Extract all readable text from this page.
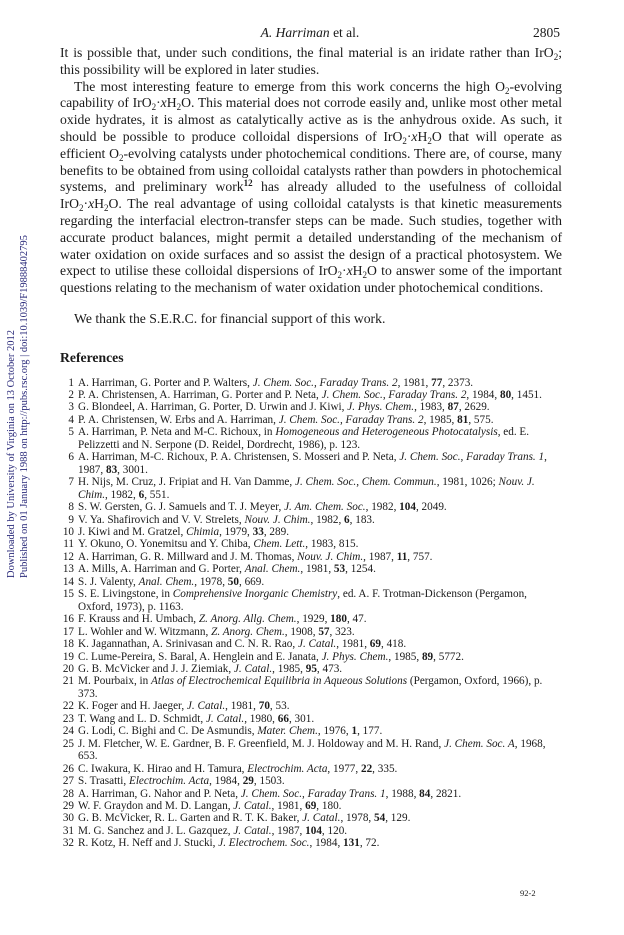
A. Harriman et al.	2805
Downloaded by University of Virginia on 13 October 2012 Published on 01 January 1988 on http://pubs.rsc.org | doi:10.1039/F19888402795

It is possible that, under such conditions, the final material is an iridate rather than IrO$_2$; this possibility will be explored in later studies.

The most interesting feature to emerge from this work concerns the high $O_2$-evolving capability of $IrO_2\cdot xH_2O$. This material does not corrode easily and, unlike most other metal oxide hydrates, it is almost as catalytically active as is the anhydrous oxide. As such, it should be possible to produce colloidal dispersions of $IrO_2\cdot xH_2O$ that will operate as efficient $O_2$-evolving catalysts under photochemical conditions. There are, of course, many benefits to be obtained from using colloidal catalysts rather than powders in photochemical systems, and preliminary work$^{12}$ has already alluded to the usefulness of colloidal $IrO_2\cdot xH_2O$. The real advantage of using colloidal catalysts is that kinetic measurements regarding the interfacial electron-transfer steps can be made. Such studies, together with accurate product balances, might permit a detailed understanding of the mechanism of water oxidation on oxide surfaces and so assist the design of a practical photosystem. We expect to utilise these colloidal dispersions of $IrO_2\cdot xH_2O$ to answer some of the important questions relating to the mechanism of water oxidation under photochemical conditions.

We thank the S.E.R.C. for financial support of this work.

References
1 A. Harriman, G. Porter and P. Walters, J. Chem. Soc., Faraday Trans. 2, 1981, 77, 2373.
2 P. A. Christensen, A. Harriman, G. Porter and P. Neta, J. Chem. Soc., Faraday Trans. 2, 1984, 80, 1451.
3 G. Blondeel, A. Harriman, G. Porter, D. Urwin and J. Kiwi, J. Phys. Chem., 1983, 87, 2629.
4 P. A. Christensen, W. Erbs and A. Harriman, J. Chem. Soc., Faraday Trans. 2, 1985, 81, 575.
5 A. Harriman, P. Neta and M-C. Richoux, in Homogeneous and Heterogeneous Photocatalysis, ed. E. Pelizzetti and N. Serpone (D. Reidel, Dordrecht, 1986), p. 123.
6 A. Harriman, M-C. Richoux, P. A. Christensen, S. Mosseri and P. Neta, J. Chem. Soc., Faraday Trans. 1, 1987, 83, 3001.
7 H. Nijs, M. Cruz, J. Fripiat and H. Van Damme, J. Chem. Soc., Chem. Commun., 1981, 1026; Nouv. J. Chim., 1982, 6, 551.
8 S. W. Gersten, G. J. Samuels and T. J. Meyer, J. Am. Chem. Soc., 1982, 104, 2049.
9 V. Ya. Shafirovich and V. V. Strelets, Nouv. J. Chim., 1982, 6, 183.
10 J. Kiwi and M. Gratzel, Chimia, 1979, 33, 289.
11 Y. Okuno, O. Yonemitsu and Y. Chiba, Chem. Lett., 1983, 815.
12 A. Harriman, G. R. Millward and J. M. Thomas, Nouv. J. Chim., 1987, 11, 757.
13 A. Mills, A. Harriman and G. Porter, Anal. Chem., 1981, 53, 1254.
14 S. J. Valenty, Anal. Chem., 1978, 50, 669.
15 S. E. Livingstone, in Comprehensive Inorganic Chemistry, ed. A. F. Trotman-Dickenson (Pergamon, Oxford, 1973), p. 1163.
16 F. Krauss and H. Umbach, Z. Anorg. Allg. Chem., 1929, 180, 47.
17 L. Wohler and W. Witzmann, Z. Anorg. Chem., 1908, 57, 323.
18 K. Jagannathan, A. Srinivasan and C. N. R. Rao, J. Catal., 1981, 69, 418.
19 C. Lume-Pereira, S. Baral, A. Henglein and E. Janata, J. Phys. Chem., 1985, 89, 5772.
20 G. B. McVicker and J. J. Ziemiak, J. Catal., 1985, 95, 473.
21 M. Pourbaix, in Atlas of Electrochemical Equilibria in Aqueous Solutions (Pergamon, Oxford, 1966), p. 373.
22 K. Foger and H. Jaeger, J. Catal., 1981, 70, 53.
23 T. Wang and L. D. Schmidt, J. Catal., 1980, 66, 301.
24 G. Lodi, C. Bighi and C. De Asmundis, Mater. Chem., 1976, 1, 177.
25 J. M. Fletcher, W. E. Gardner, B. F. Greenfield, M. J. Holdoway and M. H. Rand, J. Chem. Soc. A, 1968, 653.
26 C. Iwakura, K. Hirao and H. Tamura, Electrochim. Acta, 1977, 22, 335.
27 S. Trasatti, Electrochim. Acta, 1984, 29, 1503.
28 A. Harriman, G. Nahor and P. Neta, J. Chem. Soc., Faraday Trans. 1, 1988, 84, 2821.
29 W. F. Graydon and M. D. Langan, J. Catal., 1981, 69, 180.
30 G. B. McVicker, R. L. Garten and R. T. K. Baker, J. Catal., 1978, 54, 129.
31 M. G. Sanchez and J. L. Gazquez, J. Catal., 1987, 104, 120.
32 R. Kotz, H. Neff and J. Stucki, J. Electrochem. Soc., 1984, 131, 72.
92-2
